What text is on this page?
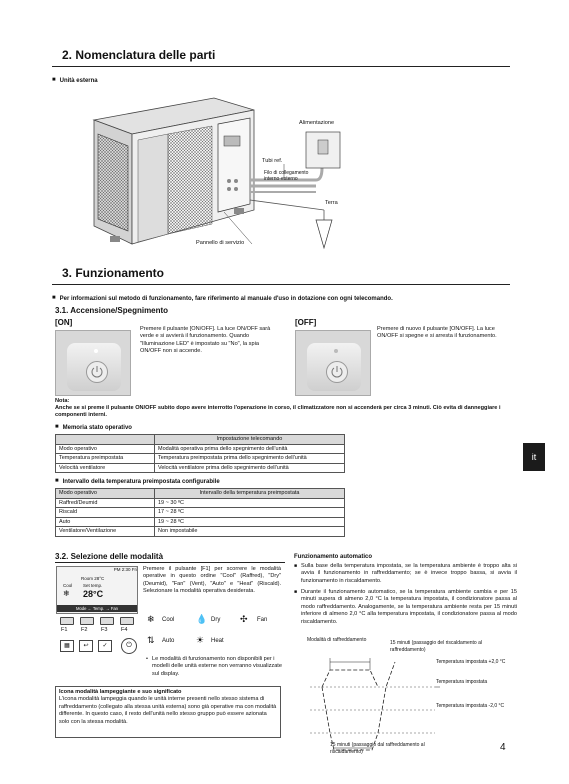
2. Nomenclatura delle parti
■ Unità esterna
Alimentazione
Tubi ref.
Filo di collegamento interno-esterno
Terra
Pannello di servizio
3. Funzionamento
■ Per informazioni sul metodo di funzionamento, fare riferimento al manuale d'uso in dotazione con ogni telecomando.
3.1. Accensione/Spegnimento
[ON]
Premere il pulsante [ON/OFF]. La luce ON/OFF sarà verde e si avvierà il funzionamento. Quando "Illuminazione LED" è impostato su "No", la spia ON/OFF non si accende.
[OFF]
Premere di nuovo il pulsante [ON/OFF]. La luce ON/OFF si spegne e si arresta il funzionamento.
Nota:
Anche se si preme il pulsante ON/OFF subito dopo avere interrotto l'operazione in corso, il climatizzatore non si accenderà per circa 3 minuti. Ciò evita di danneggiare i componenti interni.
■ Memoria stato operativo
	Impostazione telecomando
Modo operativo	Modalità operativa prima dello spegnimento dell'unità
Temperatura preimpostata	Temperatura preimpostata prima dello spegnimento dell'unità
Velocità ventilatore	Velocità ventilatore prima dello spegnimento dell'unità
■ Intervallo della temperatura preimpostata configurabile
Modo operativo	Intervallo della temperatura preimpostata
Raffred/Deumid	19 ~ 30 ºC
Riscald	17 ~ 28 ºC
Auto	19 ~ 28 ºC
Ventilatore/Ventilazione	Non impostabile
it
3.2. Selezione delle modalità
PM 2:30 Fri
Room 28°C
Cool Set temp.
❄ 28°C
Mode ← Temp. → Fan
F1 F2 F3 F4
▦	↩	✓	⏻
Premere il pulsante [F1] per scorrere le modalità operative in questo ordine "Cool" (Raffred), "Dry" (Deumid), "Fan" (Vent), "Auto" e "Heat" (Riscald). Selezionare la modalità operativa desiderata.
❄ Cool 💧 Dry ✣ Fan
⇅ Auto ☀ Heat
• Le modalità di funzionamento non disponibili per i modelli delle unità esterne non verranno visualizzate sul display.
Icona modalità lampeggiante e suo significato
L'icona modalità lampeggia quando le unità interne presenti nello stesso sistema di raffreddamento (collegato alla stessa unità esterna) sono già operative ma con modalità differente. In questo caso, il resto dell'unità nello stesso gruppo può essere azionata solo con la stessa modalità.
Funzionamento automatico
■ Sulla base della temperatura impostata, se la temperatura ambiente è troppo alta si avvia il funzionamento in raffreddamento; se è invece troppo bassa, si avvia il funzionamento in riscaldamento.
■ Durante il funzionamento automatico, se la temperatura ambiente cambia e per 15 minuti supera di almeno 2,0 °C la temperatura impostata, il condizionatore passa al modo raffreddamento. Analogamente, se la temperatura ambiente resta per 15 minuti inferiore di almeno 2,0 °C alla temperatura impostata, il condizionatore passa al modo riscaldamento.
Modalità di raffreddamento	15 minuti (passaggio del riscaldamento al raffreddamento)
Temperatura impostata +2,0 °C
Temperatura impostata
Temperatura impostata -2,0 °C
15 minuti (passaggio dal raffreddamento al riscaldamento)	4
